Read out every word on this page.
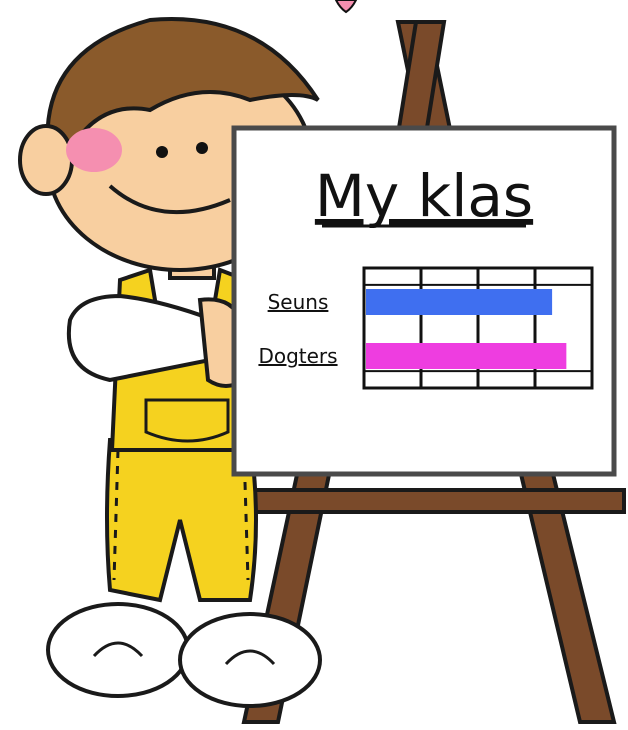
My klas
Seuns
Dogters
